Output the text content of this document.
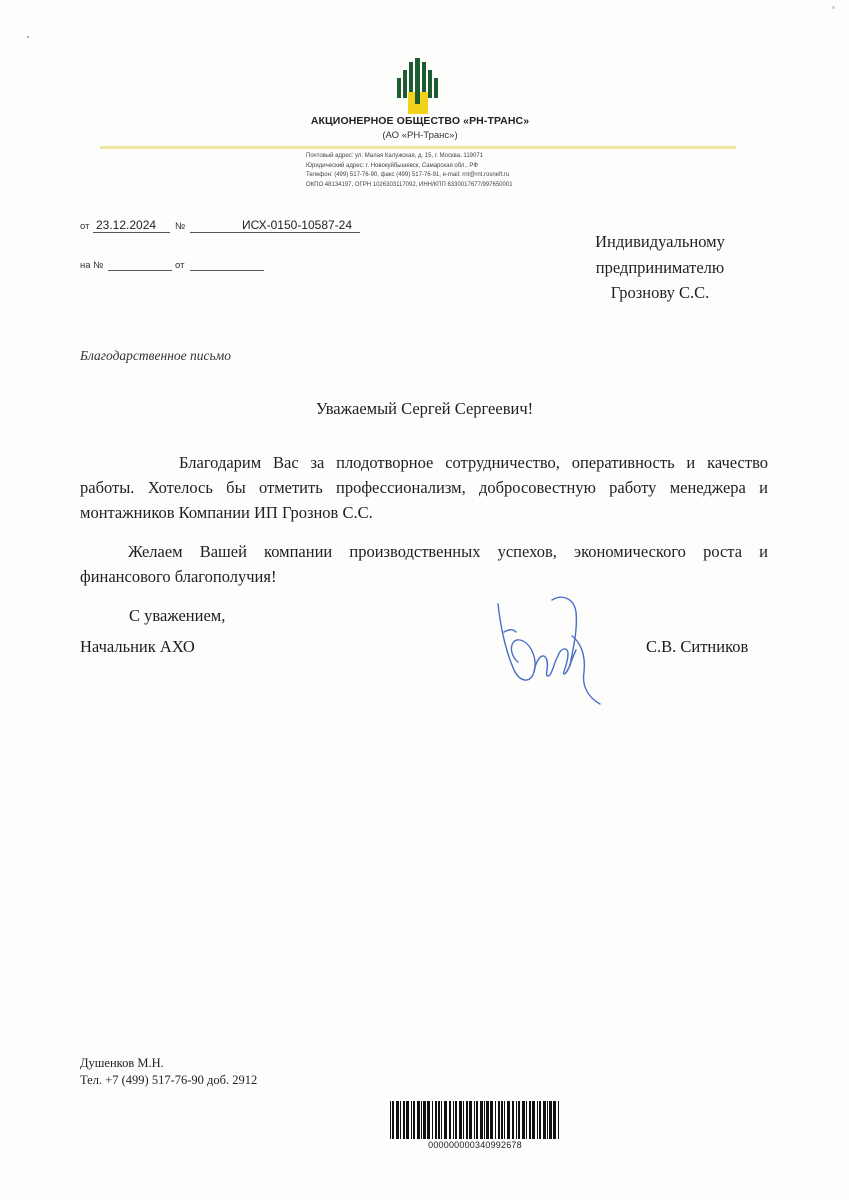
АКЦИОНЕРНОЕ ОБЩЕСТВО «РН-ТРАНС»
(АО «РН-Транс»)
Почтовый адрес: ул. Малая Калужская, д. 15, г. Москва, 119071
Юридический адрес: г. Новокуйбышевск, Самарская обл., РФ
Телефон: (499) 517-76-90, факс (499) 517-76-91, e-mail: rnt@rnt.rosneft.ru
ОКПО 48134197, ОГРН 1026303117092, ИНН/КПП 6330017677/997650001
от 23.12.2024 №	ИСХ-0150-10587-24
на №	от
Индивидуальному
предпринимателю
Грознову С.С.
Благодарственное письмо
Уважаемый Сергей Сергеевич!
Благодарим Вас за плодотворное сотрудничество, оперативность и качество работы. Хотелось бы отметить профессионализм, добросовестную работу менеджера и монтажников Компании ИП Грознов С.С.
Желаем Вашей компании производственных успехов, экономического роста и финансового благополучия!
С уважением,
Начальник АХО	С.В. Ситников
Душенков М.Н.
Тел. +7 (499) 517-76-90 доб. 2912
000000000340992678
